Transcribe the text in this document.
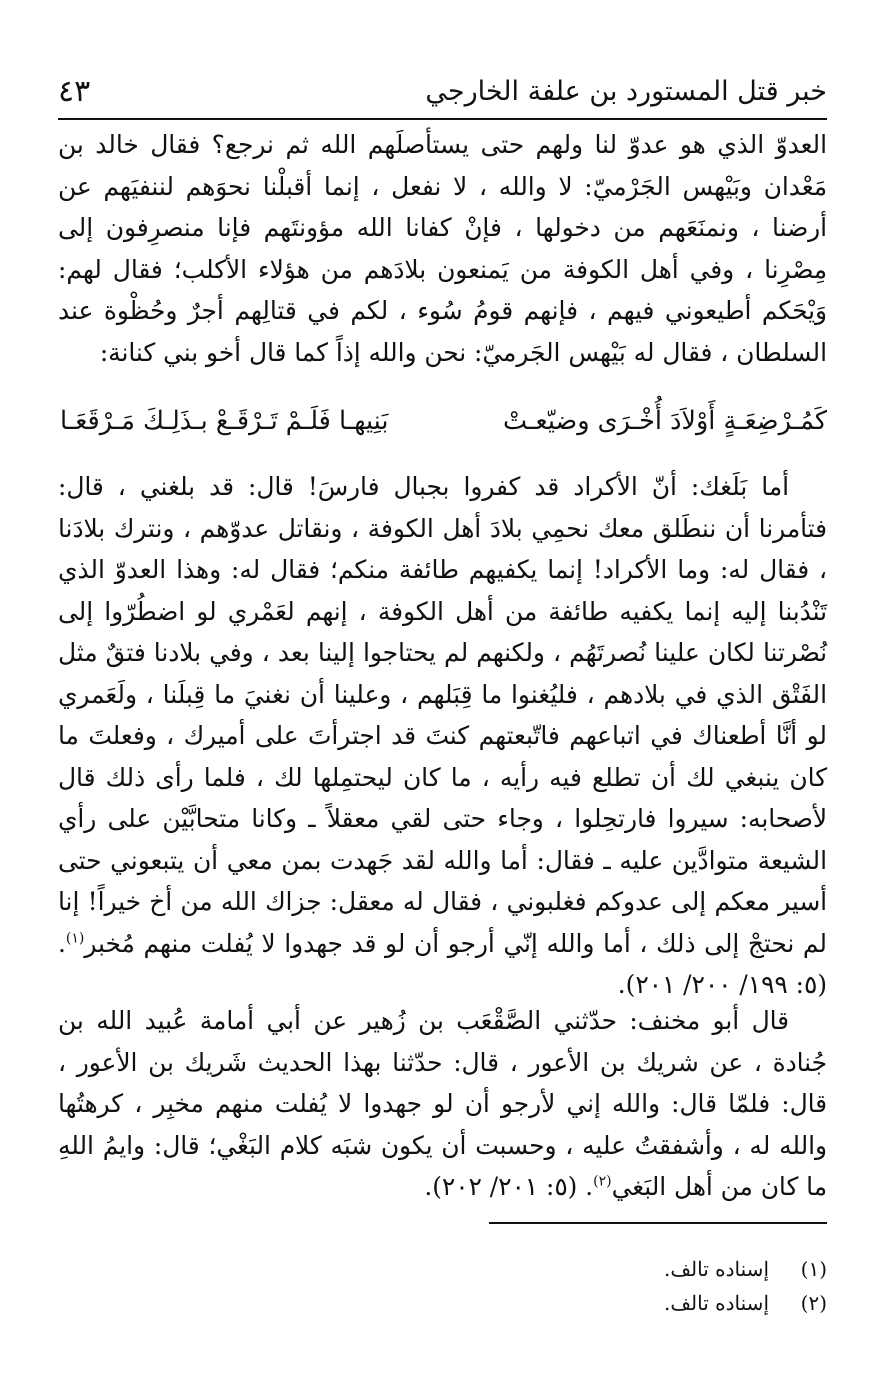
خبر قتل المستورد بن علفة الخارجي
٤٣

العدوّ الذي هو عدوّ لنا ولهم حتى يستأصلَهم الله ثم نرجع؟ فقال خالد بن مَعْدان وبَيْهس الجَرْميّ: لا والله ، لا نفعل ، إنما أقبلْنا نحوَهم لننفيَهم عن أرضنا ، ونمنَعَهم من دخولها ، فإنْ كفانا الله مؤونتَهم فإنا منصرِفون إلى مِصْرِنا ، وفي أهل الكوفة من يَمنعون بلادَهم من هؤلاء الأكلب؛ فقال لهم: وَيْحَكم أطيعوني فيهم ، فإنهم قومُ سُوء ، لكم في قتالِهم أجرٌ وحُظْوة عند السلطان ، فقال له بَيْهس الجَرميّ: نحن والله إذاً كما قال أخو بني كنانة:

كَمُـرْضِعَـةٍ أَوْلاَدَ أُخْـرَى وضيّعـتْ
بَنِيهـا فَلَـمْ تَـرْقَـعْ بـذَلِـكَ مَـرْقَعَـا

أما بَلَغك: أنّ الأكراد قد كفروا بجبال فارسَ! قال: قد بلغني ، قال: فتأمرنا أن ننطَلق معك نحمِي بلادَ أهل الكوفة ، ونقاتل عدوّهم ، ونترك بلادَنا ، فقال له: وما الأكراد! إنما يكفيهم طائفة منكم؛ فقال له: وهذا العدوّ الذي تَنْدُبنا إليه إنما يكفيه طائفة من أهل الكوفة ، إنهم لعَمْري لو اضطُرّوا إلى نُصْرتنا لكان علينا نُصرتَهُم ، ولكنهم لم يحتاجوا إلينا بعد ، وفي بلادنا فتقٌ مثل الفَتْق الذي في بلادهم ، فليُغنوا ما قِبَلهم ، وعلينا أن نغنيَ ما قِبلَنا ، ولَعَمري لو أنَّا أطعناك في اتباعهم فاتّبعتهم كنتَ قد اجترأتَ على أميرك ، وفعلتَ ما كان ينبغي لك أن تطلع فيه رأيه ، ما كان ليحتمِلها لك ، فلما رأى ذلك قال لأصحابه: سيروا فارتحِلوا ، وجاء حتى لقي معقلاً ـ وكانا متحابَّيْن على رأي الشيعة متوادَّين عليه ـ فقال: أما والله لقد جَهدت بمن معي أن يتبعوني حتى أسير معكم إلى عدوكم فغلبوني ، فقال له معقل: جزاك الله من أخ خيراً! إنا لم نحتجْ إلى ذلك ، أما والله إنّي أرجو أن لو قد جهدوا لا يُفلت منهم مُخبر$^{(١)}$. (٥: ١٩٩/ ٢٠٠/ ٢٠١).

قال أبو مخنف: حدّثني الصَّقْعَب بن زُهير عن أبي أمامة عُبيد الله بن جُنادة ، عن شريك بن الأعور ، قال: حدّثنا بهذا الحديث شَريك بن الأعور ، قال: فلمّا قال: والله إني لأرجو أن لو جهدوا لا يُفلت منهم مخبِر ، كرهتُها والله له ، وأشفقتُ عليه ، وحسبت أن يكون شبَه كلام البَغْي؛ قال: وايمُ اللهِ ما كان من أهل البَغي$^{(٢)}$. (٥: ٢٠١/ ٢٠٢).

(١)
إسناده تالف.
(٢)
إسناده تالف.
